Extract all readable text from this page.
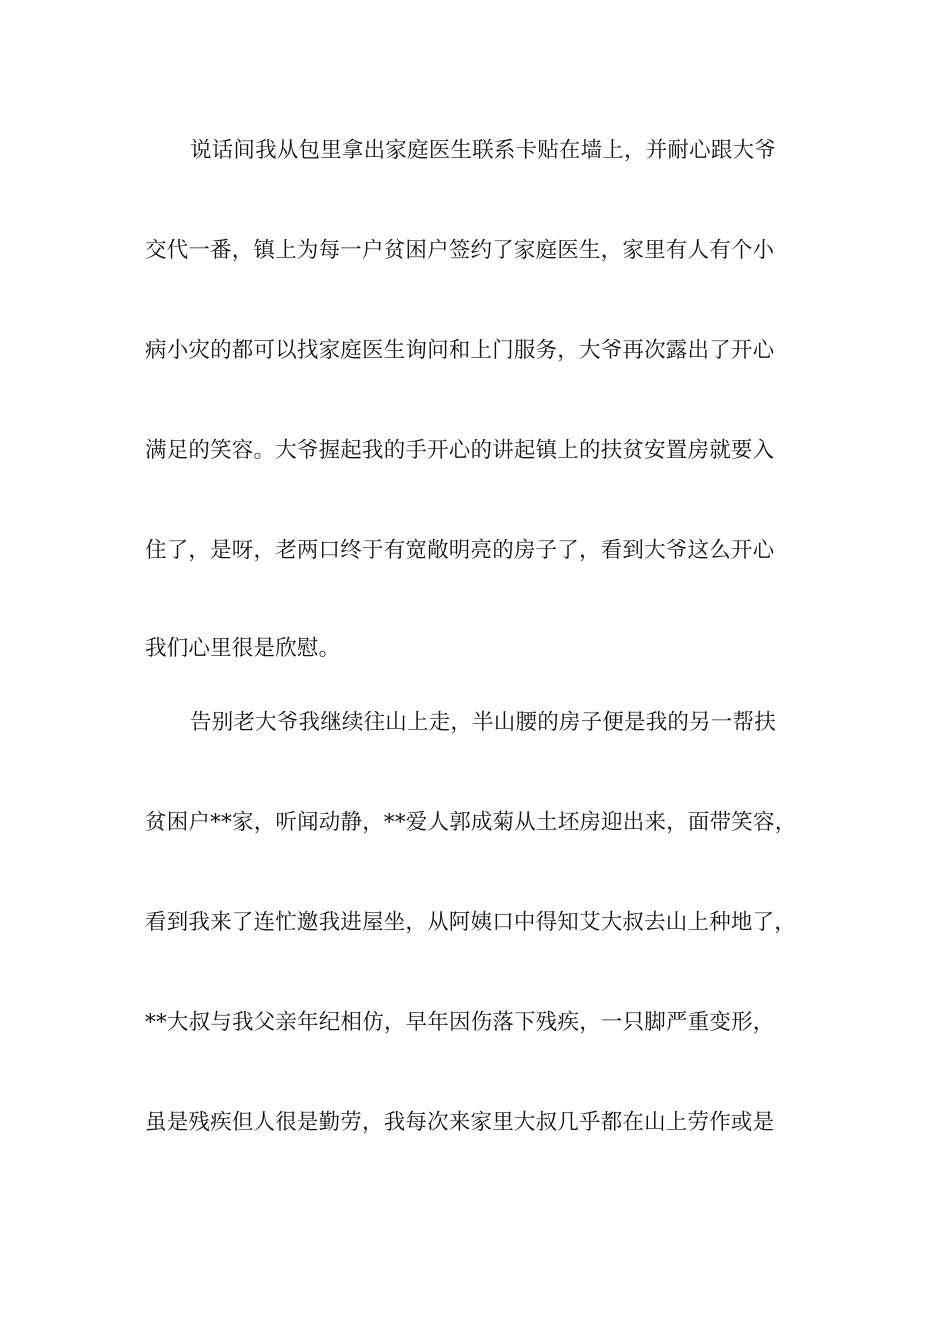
说话间我从包里拿出家庭医生联系卡贴在墙上，并耐心跟大爷
交代一番，镇上为每一户贫困户签约了家庭医生，家里有人有个小
病小灾的都可以找家庭医生询问和上门服务，大爷再次露出了开心
满足的笑容。大爷握起我的手开心的讲起镇上的扶贫安置房就要入
住了，是呀，老两口终于有宽敞明亮的房子了，看到大爷这么开心
我们心里很是欣慰。
告别老大爷我继续往山上走，半山腰的房子便是我的另一帮扶
贫困户**家，听闻动静，**爱人郭成菊从土坯房迎出来，面带笑容，
看到我来了连忙邀我进屋坐，从阿姨口中得知艾大叔去山上种地了，
**大叔与我父亲年纪相仿，早年因伤落下残疾，一只脚严重变形，
虽是残疾但人很是勤劳，我每次来家里大叔几乎都在山上劳作或是
